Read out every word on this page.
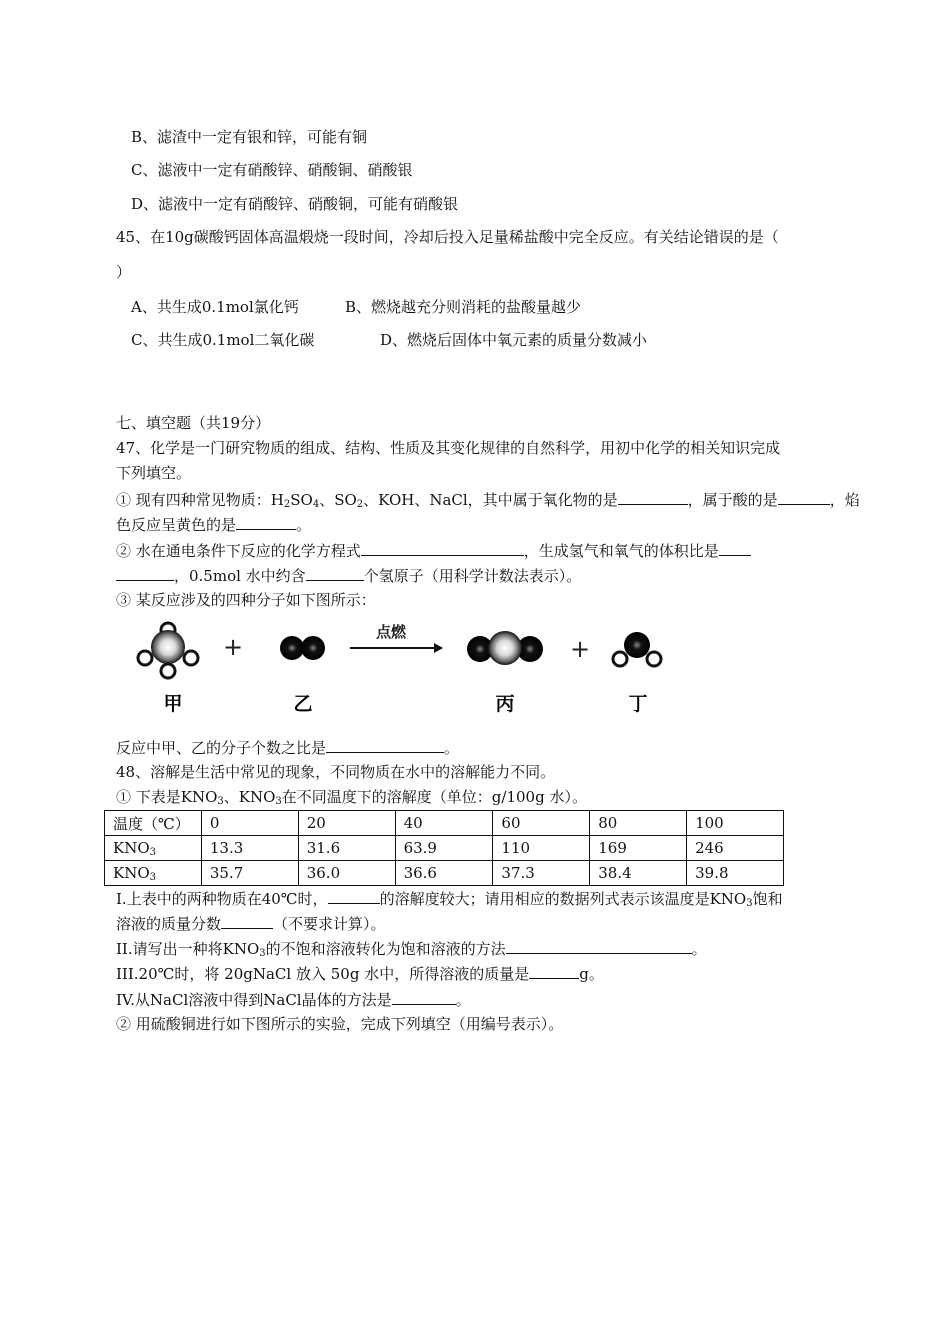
B、滤渣中一定有银和锌，可能有铜
C、滤液中一定有硝酸锌、硝酸铜、硝酸银
D、滤液中一定有硝酸锌、硝酸铜，可能有硝酸银
45、在10g碳酸钙固体高温煅烧一段时间，冷却后投入足量稀盐酸中完全反应。有关结论错误的是（
）
A、共生成0.1mol氯化钙	B、燃烧越充分则消耗的盐酸量越少
C、共生成0.1mol二氧化碳	D、燃烧后固体中氧元素的质量分数减小
七、填空题（共19分）
47、化学是一门研究物质的组成、结构、性质及其变化规律的自然科学，用初中化学的相关知识完成
下列填空。
① 现有四种常见物质：$H_2SO_4$、$SO_2$、KOH、NaCl，其中属于氧化物的是	，属于酸的是	，焰
色反应呈黄色的是	。
② 水在通电条件下反应的化学方程式	，生成氢气和氧气的体积比是
，0.5mol 水中约含	个氢原子（用科学计数法表示）。
③ 某反应涉及的四种分子如下图所示：
+
点燃
+
甲	乙	丙	丁
反应中甲、乙的分子个数之比是	。
48、溶解是生活中常见的现象，不同物质在水中的溶解能力不同。
① 下表是$KNO_3$、$KNO_3$在不同温度下的溶解度（单位：g/100g 水）。
温度（℃）	0	20	40	60	80	100
$KNO_3$	13.3	31.6	63.9	110	169	246
$KNO_3$	35.7	36.0	36.6	37.3	38.4	39.8
I.上表中的两种物质在40℃时，	的溶解度较大；请用相应的数据列式表示该温度是$KNO_3$饱和
溶液的质量分数	（不要求计算）。
II.请写出一种将$KNO_3$的不饱和溶液转化为饱和溶液的方法	。
III.20℃时，将 20gNaCl 放入 50g 水中，所得溶液的质量是	g。
IV.从NaCl溶液中得到NaCl晶体的方法是	。
② 用硫酸铜进行如下图所示的实验，完成下列填空（用编号表示）。
